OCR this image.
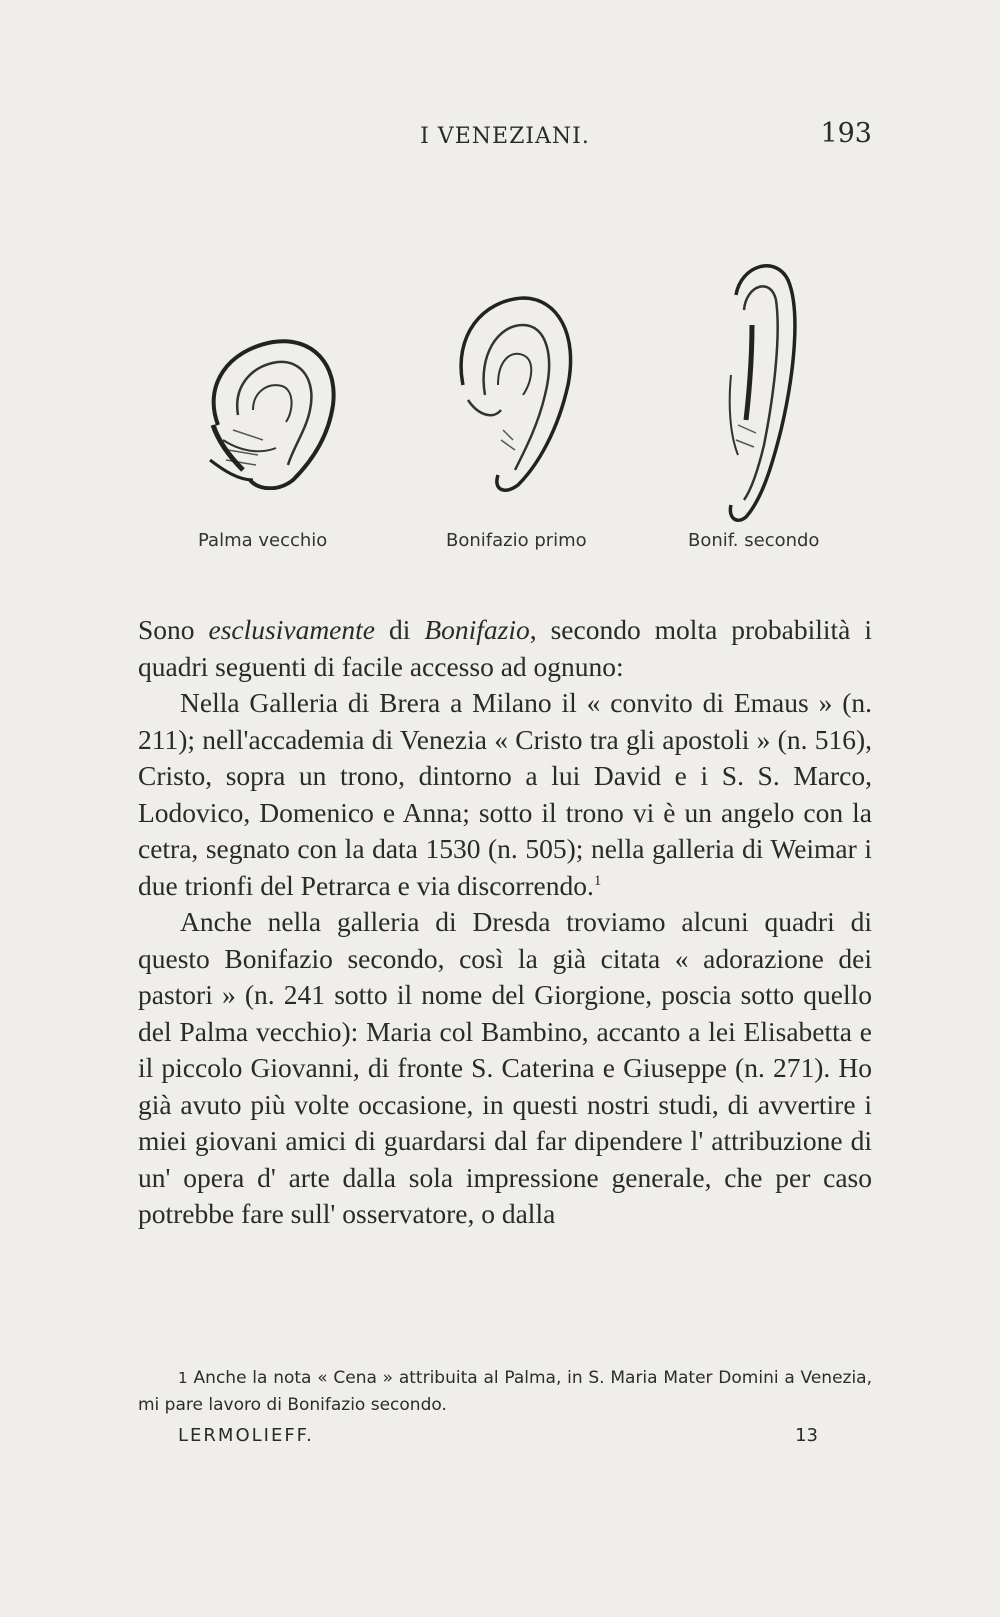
I VENEZIANI.	193
Palma vecchio	Bonifazio primo	Bonif. secondo

Sono esclusivamente di Bonifazio, secondo molta probabilità i quadri seguenti di facile accesso ad ognuno:

Nella Galleria di Brera a Milano il « convito di Emaus » (n. 211); nell'accademia di Venezia « Cristo tra gli apostoli » (n. 516), Cristo, sopra un trono, dintorno a lui David e i S. S. Marco, Lodovico, Domenico e Anna; sotto il trono vi è un angelo con la cetra, segnato con la data 1530 (n. 505); nella galleria di Weimar i due trionfi del Petrarca e via discorrendo.$^1$

Anche nella galleria di Dresda troviamo alcuni quadri di questo Bonifazio secondo, così la già citata « adorazione dei pastori » (n. 241 sotto il nome del Giorgione, poscia sotto quello del Palma vecchio): Maria col Bambino, accanto a lei Elisabetta e il piccolo Giovanni, di fronte S. Caterina e Giuseppe (n. 271). Ho già avuto più volte occasione, in questi nostri studi, di avvertire i miei giovani amici di guardarsi dal far dipendere l' attribuzione di un' opera d' arte dalla sola impressione generale, che per caso potrebbe fare sull' osservatore, o dalla

1 Anche la nota « Cena » attribuita al Palma, in S. Maria Mater Domini a Venezia, mi pare lavoro di Bonifazio secondo.
LERMOLIEFF.	13
